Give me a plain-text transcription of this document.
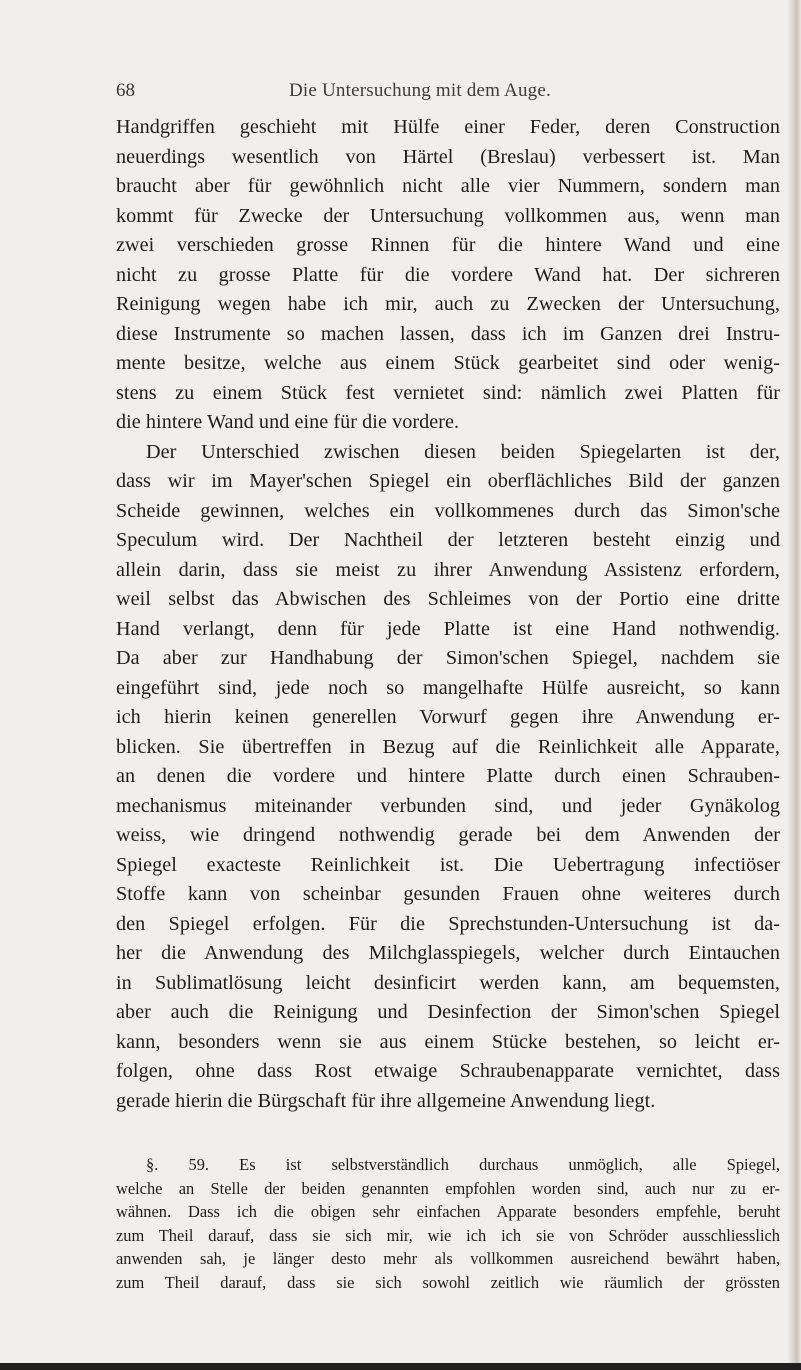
68	Die Untersuchung mit dem Auge.
Handgriffen geschieht mit Hülfe einer Feder, deren Construction
neuerdings wesentlich von Härtel (Breslau) verbessert ist. Man
braucht aber für gewöhnlich nicht alle vier Nummern, sondern man
kommt für Zwecke der Untersuchung vollkommen aus, wenn man
zwei verschieden grosse Rinnen für die hintere Wand und eine
nicht zu grosse Platte für die vordere Wand hat. Der sichreren
Reinigung wegen habe ich mir, auch zu Zwecken der Untersuchung,
diese Instrumente so machen lassen, dass ich im Ganzen drei Instru-
mente besitze, welche aus einem Stück gearbeitet sind oder wenig-
stens zu einem Stück fest vernietet sind: nämlich zwei Platten für
die hintere Wand und eine für die vordere.
Der Unterschied zwischen diesen beiden Spiegelarten ist der,
dass wir im Mayer'schen Spiegel ein oberflächliches Bild der ganzen
Scheide gewinnen, welches ein vollkommenes durch das Simon'sche
Speculum wird. Der Nachtheil der letzteren besteht einzig und
allein darin, dass sie meist zu ihrer Anwendung Assistenz erfordern,
weil selbst das Abwischen des Schleimes von der Portio eine dritte
Hand verlangt, denn für jede Platte ist eine Hand nothwendig.
Da aber zur Handhabung der Simon'schen Spiegel, nachdem sie
eingeführt sind, jede noch so mangelhafte Hülfe ausreicht, so kann
ich hierin keinen generellen Vorwurf gegen ihre Anwendung er-
blicken. Sie übertreffen in Bezug auf die Reinlichkeit alle Apparate,
an denen die vordere und hintere Platte durch einen Schrauben-
mechanismus miteinander verbunden sind, und jeder Gynäkolog
weiss, wie dringend nothwendig gerade bei dem Anwenden der
Spiegel exacteste Reinlichkeit ist. Die Uebertragung infectiöser
Stoffe kann von scheinbar gesunden Frauen ohne weiteres durch
den Spiegel erfolgen. Für die Sprechstunden-Untersuchung ist da-
her die Anwendung des Milchglasspiegels, welcher durch Eintauchen
in Sublimatlösung leicht desinficirt werden kann, am bequemsten,
aber auch die Reinigung und Desinfection der Simon'schen Spiegel
kann, besonders wenn sie aus einem Stücke bestehen, so leicht er-
folgen, ohne dass Rost etwaige Schraubenapparate vernichtet, dass
gerade hierin die Bürgschaft für ihre allgemeine Anwendung liegt.
§. 59. Es ist selbstverständlich durchaus unmöglich, alle Spiegel,
welche an Stelle der beiden genannten empfohlen worden sind, auch nur zu er-
wähnen. Dass ich die obigen sehr einfachen Apparate besonders empfehle, beruht
zum Theil darauf, dass sie sich mir, wie ich ich sie von Schröder ausschliesslich
anwenden sah, je länger desto mehr als vollkommen ausreichend bewährt haben,
zum Theil darauf, dass sie sich sowohl zeitlich wie räumlich der grössten
